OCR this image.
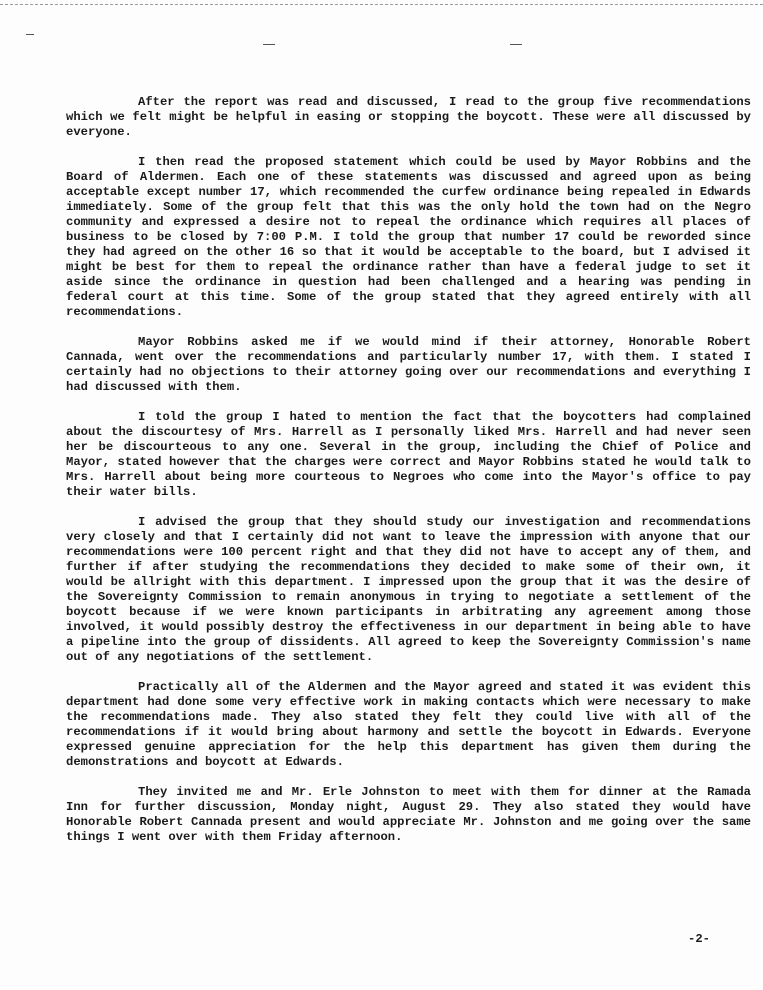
After the report was read and discussed, I read to the group five recommendations which we felt might be helpful in easing or stopping the boycott. These were all discussed by everyone.

I then read the proposed statement which could be used by Mayor Robbins and the Board of Aldermen. Each one of these statements was discussed and agreed upon as being acceptable except number 17, which recommended the curfew ordinance being repealed in Edwards immediately. Some of the group felt that this was the only hold the town had on the Negro community and expressed a desire not to repeal the ordinance which requires all places of business to be closed by 7:00 P.M. I told the group that number 17 could be reworded since they had agreed on the other 16 so that it would be acceptable to the board, but I advised it might be best for them to repeal the ordinance rather than have a federal judge to set it aside since the ordinance in question had been challenged and a hearing was pending in federal court at this time. Some of the group stated that they agreed entirely with all recommendations.

Mayor Robbins asked me if we would mind if their attorney, Honorable Robert Cannada, went over the recommendations and particularly number 17, with them. I stated I certainly had no objections to their attorney going over our recommendations and everything I had discussed with them.

I told the group I hated to mention the fact that the boycotters had complained about the discourtesy of Mrs. Harrell as I personally liked Mrs. Harrell and had never seen her be discourteous to any one. Several in the group, including the Chief of Police and Mayor, stated however that the charges were correct and Mayor Robbins stated he would talk to Mrs. Harrell about being more courteous to Negroes who come into the Mayor's office to pay their water bills.

I advised the group that they should study our investigation and recommendations very closely and that I certainly did not want to leave the impression with anyone that our recommendations were 100 percent right and that they did not have to accept any of them, and further if after studying the recommendations they decided to make some of their own, it would be allright with this department. I impressed upon the group that it was the desire of the Sovereignty Commission to remain anonymous in trying to negotiate a settlement of the boycott because if we were known participants in arbitrating any agreement among those involved, it would possibly destroy the effectiveness in our department in being able to have a pipeline into the group of dissidents. All agreed to keep the Sovereignty Commission's name out of any negotiations of the settlement.

Practically all of the Aldermen and the Mayor agreed and stated it was evident this department had done some very effective work in making contacts which were necessary to make the recommendations made. They also stated they felt they could live with all of the recommendations if it would bring about harmony and settle the boycott in Edwards. Everyone expressed genuine appreciation for the help this department has given them during the demonstrations and boycott at Edwards.

They invited me and Mr. Erle Johnston to meet with them for dinner at the Ramada Inn for further discussion, Monday night, August 29. They also stated they would have Honorable Robert Cannada present and would appreciate Mr. Johnston and me going over the same things I went over with them Friday afternoon.

-2-
